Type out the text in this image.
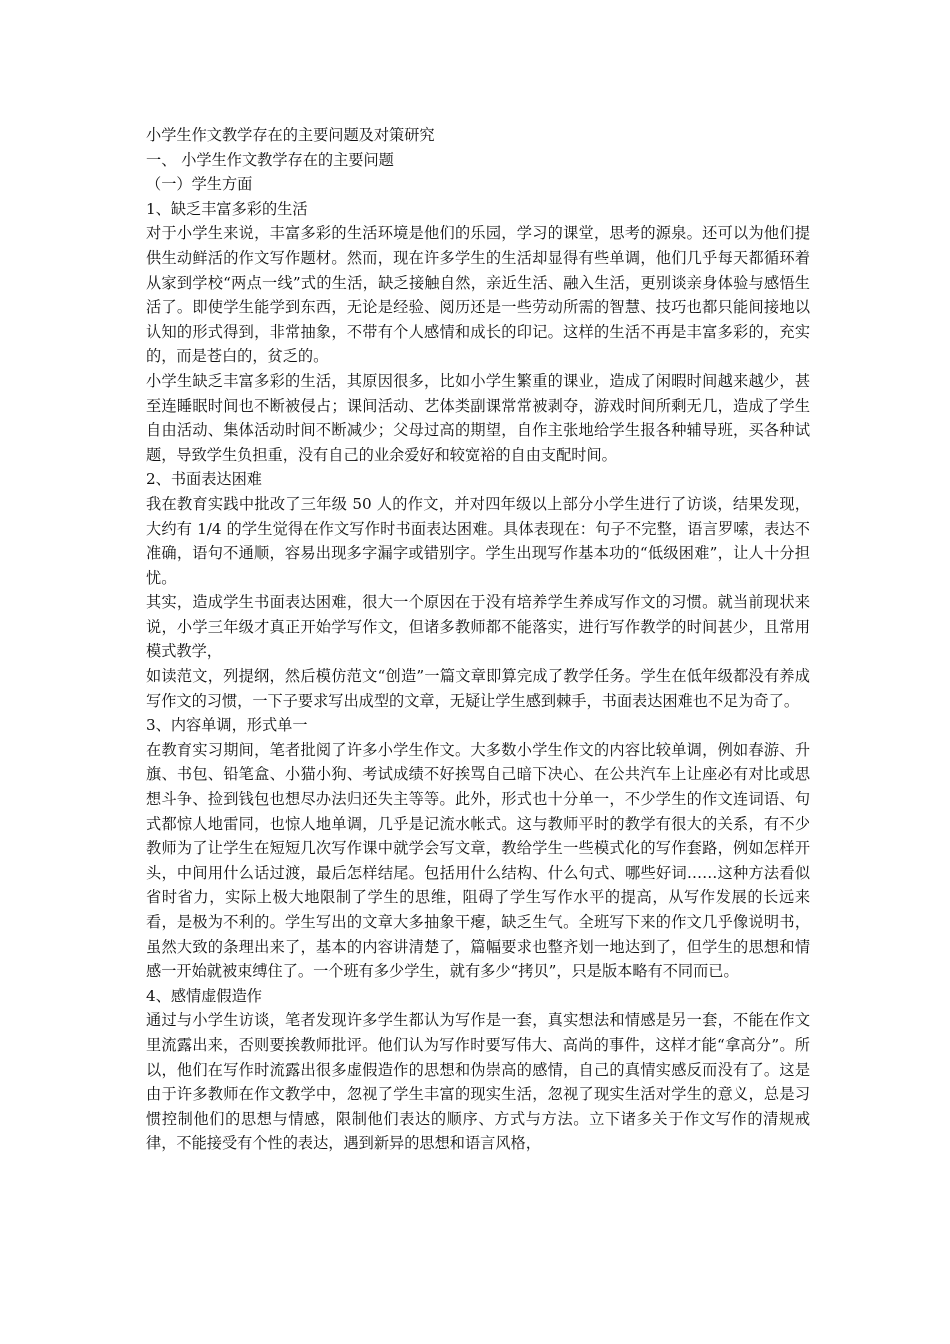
小学生作文教学存在的主要问题及对策研究

一、 小学生作文教学存在的主要问题

（一）学生方面

1、缺乏丰富多彩的生活

对于小学生来说，丰富多彩的生活环境是他们的乐园，学习的课堂，思考的源泉。还可以为他们提供生动鲜活的作文写作题材。然而，现在许多学生的生活却显得有些单调，他们几乎每天都循环着从家到学校“两点一线”式的生活，缺乏接触自然，亲近生活、融入生活，更别谈亲身体验与感悟生活了。即使学生能学到东西，无论是经验、阅历还是一些劳动所需的智慧、技巧也都只能间接地以认知的形式得到，非常抽象，不带有个人感情和成长的印记。这样的生活不再是丰富多彩的，充实的，而是苍白的，贫乏的。

小学生缺乏丰富多彩的生活，其原因很多，比如小学生繁重的课业，造成了闲暇时间越来越少，甚至连睡眠时间也不断被侵占；课间活动、艺体类副课常常被剥夺，游戏时间所剩无几，造成了学生自由活动、集体活动时间不断减少；父母过高的期望，自作主张地给学生报各种辅导班，买各种试题，导致学生负担重，没有自己的业余爱好和较宽裕的自由支配时间。

2、书面表达困难

我在教育实践中批改了三年级 50 人的作文，并对四年级以上部分小学生进行了访谈，结果发现，大约有 1/4 的学生觉得在作文写作时书面表达困难。具体表现在：句子不完整，语言罗嗦，表达不准确，语句不通顺，容易出现多字漏字或错别字。学生出现写作基本功的“低级困难”，让人十分担忧。

其实，造成学生书面表达困难，很大一个原因在于没有培养学生养成写作文的习惯。就当前现状来说，小学三年级才真正开始学写作文，但诸多教师都不能落实，进行写作教学的时间甚少，且常用模式教学，

如读范文，列提纲，然后模仿范文“创造”一篇文章即算完成了教学任务。学生在低年级都没有养成写作文的习惯，一下子要求写出成型的文章，无疑让学生感到棘手，书面表达困难也不足为奇了。

3、内容单调，形式单一

在教育实习期间，笔者批阅了许多小学生作文。大多数小学生作文的内容比较单调，例如春游、升旗、书包、铅笔盒、小猫小狗、考试成绩不好挨骂自己暗下决心、在公共汽车上让座必有对比或思想斗争、捡到钱包也想尽办法归还失主等等。此外，形式也十分单一，不少学生的作文连词语、句式都惊人地雷同，也惊人地单调，几乎是记流水帐式。这与教师平时的教学有很大的关系，有不少教师为了让学生在短短几次写作课中就学会写文章，教给学生一些模式化的写作套路，例如怎样开头，中间用什么话过渡，最后怎样结尾。包括用什么结构、什么句式、哪些好词……这种方法看似省时省力，实际上极大地限制了学生的思维，阻碍了学生写作水平的提高，从写作发展的长远来看，是极为不利的。学生写出的文章大多抽象干瘪，缺乏生气。全班写下来的作文几乎像说明书，虽然大致的条理出来了，基本的内容讲清楚了，篇幅要求也整齐划一地达到了，但学生的思想和情感一开始就被束缚住了。一个班有多少学生，就有多少“拷贝”，只是版本略有不同而已。

4、感情虚假造作

通过与小学生访谈，笔者发现许多学生都认为写作是一套，真实想法和情感是另一套，不能在作文里流露出来，否则要挨教师批评。他们认为写作时要写伟大、高尚的事件，这样才能“拿高分”。所以，他们在写作时流露出很多虚假造作的思想和伪崇高的感情，自己的真情实感反而没有了。这是由于许多教师在作文教学中，忽视了学生丰富的现实生活，忽视了现实生活对学生的意义，总是习惯控制他们的思想与情感，限制他们表达的顺序、方式与方法。立下诸多关于作文写作的清规戒律，不能接受有个性的表达，遇到新异的思想和语言风格，
